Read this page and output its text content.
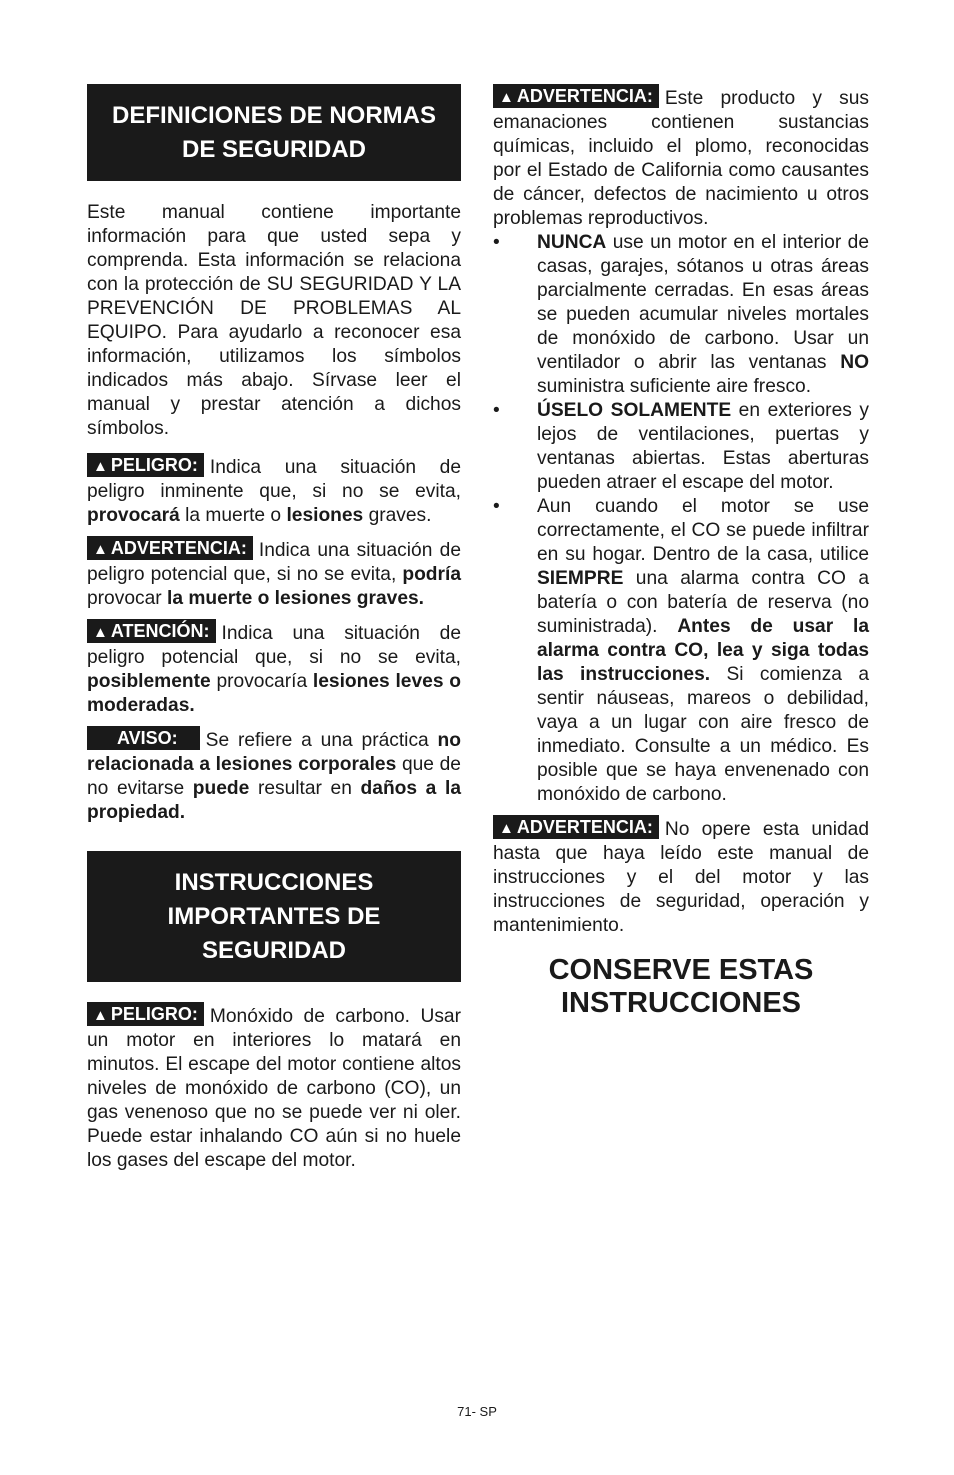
DEFINICIONES DE NORMAS
DE SEGURIDAD

Este manual contiene importante información para que usted sepa y comprenda. Esta información se relaciona con la protección de SU SEGURIDAD Y LA PREVENCIÓN DE PROBLEMAS AL EQUIPO. Para ayudarlo a reconocer esa información, utilizamos los símbolos indicados más abajo. Sírvase leer el manual y prestar atención a dichos símbolos.

▲ PELIGRO: Indica una situación de peligro inminente que, si no se evita, provocará la muerte o lesiones graves.

▲ ADVERTENCIA: Indica una situación de peligro potencial que, si no se evita, podría provocar la muerte o lesiones graves.

▲ ATENCIÓN: Indica una situación de peligro potencial que, si no se evita, posiblemente provocaría lesiones leves o moderadas.

AVISO: Se refiere a una práctica no relacionada a lesiones corporales que de no evitarse puede resultar en daños a la propiedad.

INSTRUCCIONES
IMPORTANTES DE
SEGURIDAD

▲ PELIGRO: Monóxido de carbono. Usar un motor en interiores lo matará en minutos. El escape del motor contiene altos niveles de monóxido de carbono (CO), un gas venenoso que no se puede ver ni oler. Puede estar inhalando CO aún si no huele los gases del escape del motor.

▲ ADVERTENCIA: Este producto y sus emanaciones contienen sustancias químicas, incluido el plomo, reconocidas por el Estado de California como causantes de cáncer, defectos de nacimiento u otros problemas reproductivos.

• NUNCA use un motor en el interior de casas, garajes, sótanos u otras áreas parcialmente cerradas. En esas áreas se pueden acumular niveles mortales de monóxido de carbono. Usar un ventilador o abrir las ventanas NO suministra suficiente aire fresco.
• ÚSELO SOLAMENTE en exteriores y lejos de ventilaciones, puertas y ventanas abiertas. Estas aberturas pueden atraer el escape del motor.
• Aun cuando el motor se use correctamente, el CO se puede infiltrar en su hogar. Dentro de la casa, utilice SIEMPRE una alarma contra CO a batería o con batería de reserva (no suministrada). Antes de usar la alarma contra CO, lea y siga todas las instrucciones. Si comienza a sentir náuseas, mareos o debilidad, vaya a un lugar con aire fresco de inmediato. Consulte a un médico. Es posible que se haya envenenado con monóxido de carbono.

▲ ADVERTENCIA: No opere esta unidad hasta que haya leído este manual de instrucciones y el del motor y las instrucciones de seguridad, operación y mantenimiento.

CONSERVE ESTAS
INSTRUCCIONES
71- SP
